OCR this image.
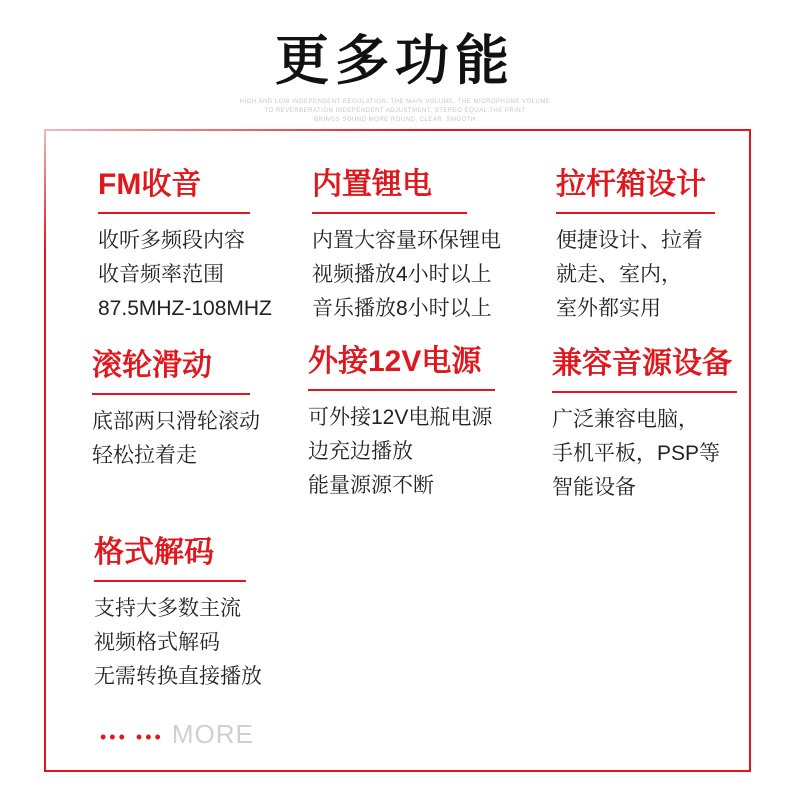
更多功能
HIGH AND LOW INDEPENDENT REGULATION, THE MAIN VOLUME, THE MICROPHONE VOLUME
TO REVERBERATION INDEPENDENT ADJUSTMENT, STEREO EQUAL THE PRINT
BRINGS SOUND MORE ROUND, CLEAR, SMOOTH
FM收音
收听多频段内容
收音频率范围
87.5MHZ-108MHZ
内置锂电
内置大容量环保锂电
视频播放4小时以上
音乐播放8小时以上
拉杆箱设计
便捷设计、拉着
就走、室内，
室外都实用
滚轮滑动
底部两只滑轮滚动
轻松拉着走
外接12V电源
可外接12V电瓶电源
边充边播放
能量源源不断
兼容音源设备
广泛兼容电脑，
手机平板，PSP等
智能设备
格式解码
支持大多数主流
视频格式解码
无需转换直接播放
••• ••• MORE
